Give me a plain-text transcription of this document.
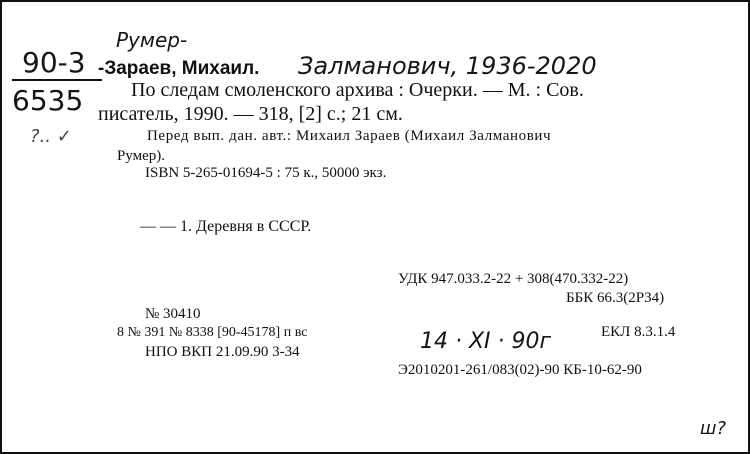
Румер-
90-3
6535
Залманович, 1936-2020
?.. ✓
14 · XI · 90г
ш?
-Зараев, Михаил.
По следам смоленского архива : Очерки. — М. : Сов.
писатель, 1990. — 318, [2] с.; 21 см.
Перед вып. дан. авт.: Михаил Зараев (Михаил Залманович
Румер).
ISBN 5-265-01694-5 : 75 к., 50000 экз.
— — 1. Деревня в СССР.
УДК 947.033.2-22 + 308(470.332-22)
ББК 66.3(2Р34)
№ 30410
8 № 391 № 8338 [90-45178] п вс	ЕКЛ 8.3.1.4
НПО ВКП 21.09.90 3-34
Э2010201-261/083(02)-90 КБ-10-62-90
